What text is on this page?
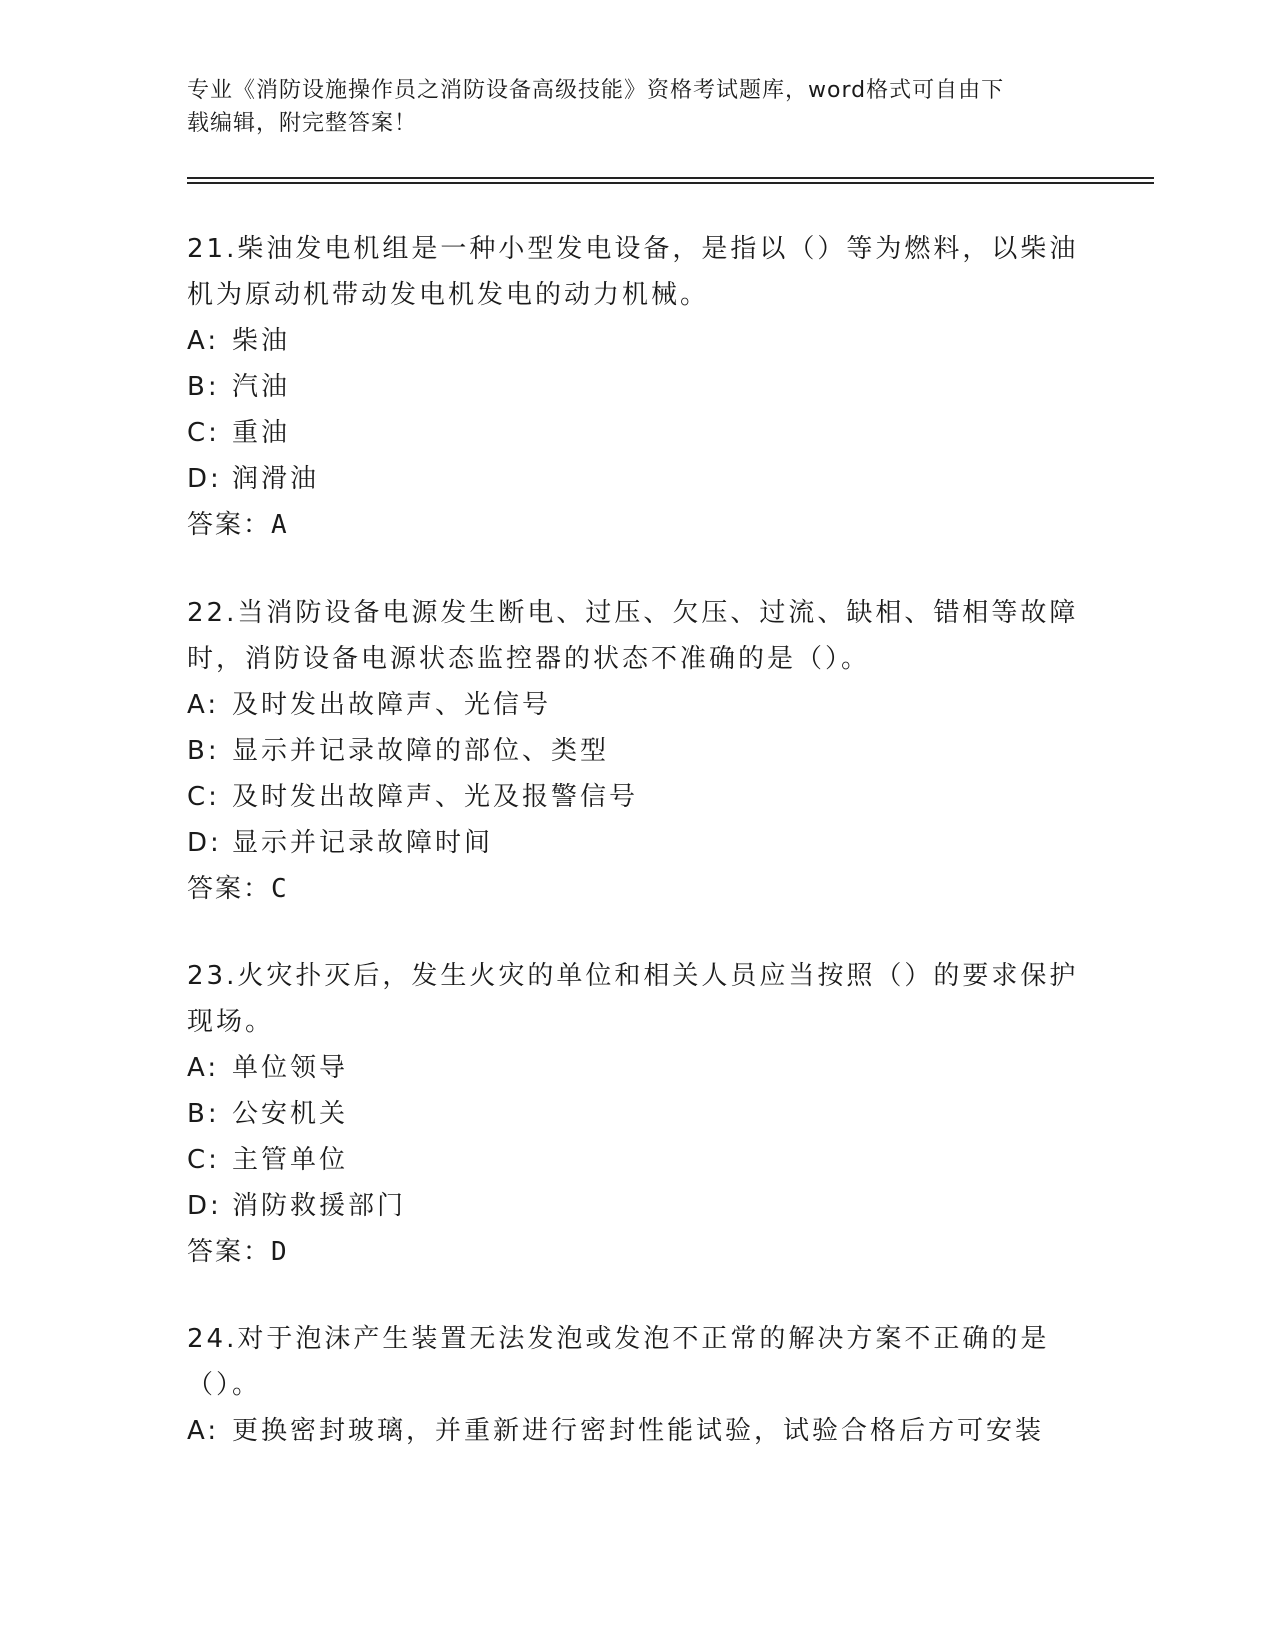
专业《消防设施操作员之消防设备高级技能》资格考试题库，word格式可自由下
载编辑，附完整答案！

21.柴油发电机组是一种小型发电设备，是指以（）等为燃料，以柴油机为原动机带动发电机发电的动力机械。

A: 柴油
B: 汽油
C: 重油
D: 润滑油
答案：A

22.当消防设备电源发生断电、过压、欠压、过流、缺相、错相等故障时，消防设备电源状态监控器的状态不准确的是（）。

A: 及时发出故障声、光信号
B: 显示并记录故障的部位、类型
C: 及时发出故障声、光及报警信号
D: 显示并记录故障时间
答案：C

23.火灾扑灭后，发生火灾的单位和相关人员应当按照（）的要求保护现场。

A: 单位领导
B: 公安机关
C: 主管单位
D: 消防救援部门
答案：D

24.对于泡沫产生装置无法发泡或发泡不正常的解决方案不正确的是（）。

A: 更换密封玻璃，并重新进行密封性能试验，试验合格后方可安装
